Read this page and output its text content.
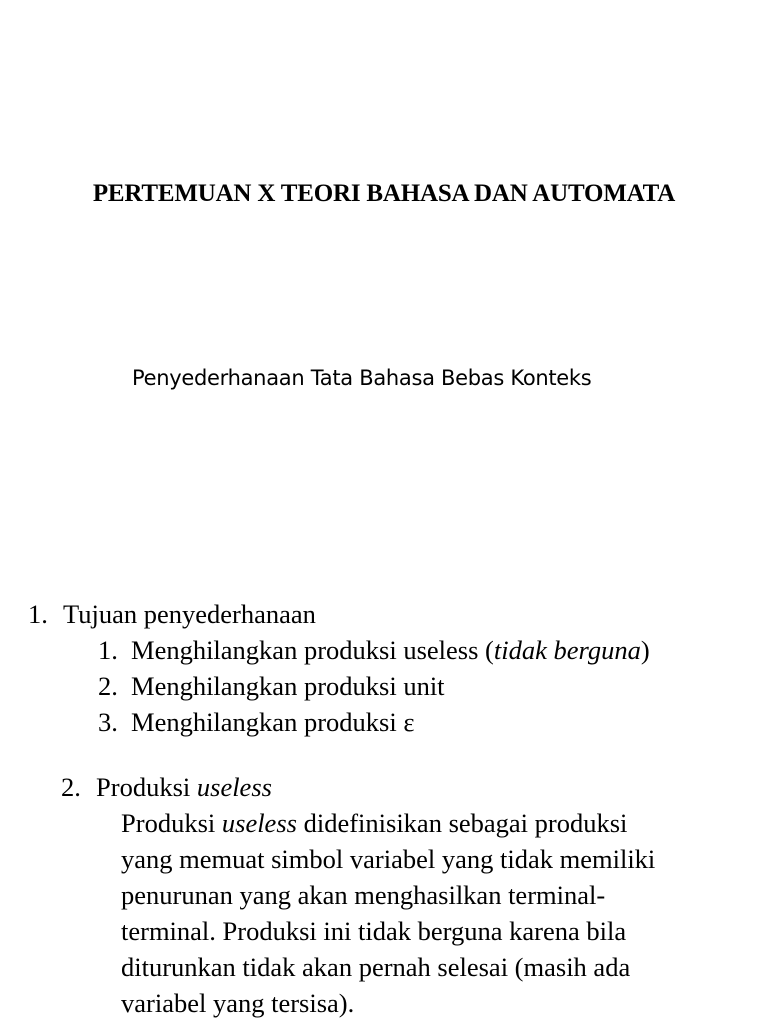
PERTEMUAN X TEORI BAHASA DAN AUTOMATA

Penyederhanaan Tata Bahasa Bebas Konteks

1. Tujuan penyederhanaan
1. Menghilangkan produksi useless (tidak berguna)
2. Menghilangkan produksi unit
3. Menghilangkan produksi ε
2. Produksi useless
Produksi useless didefinisikan sebagai produksi
yang memuat simbol variabel yang tidak memiliki
penurunan yang akan menghasilkan terminal-
terminal. Produksi ini tidak berguna karena bila
diturunkan tidak akan pernah selesai (masih ada
variabel yang tersisa).
